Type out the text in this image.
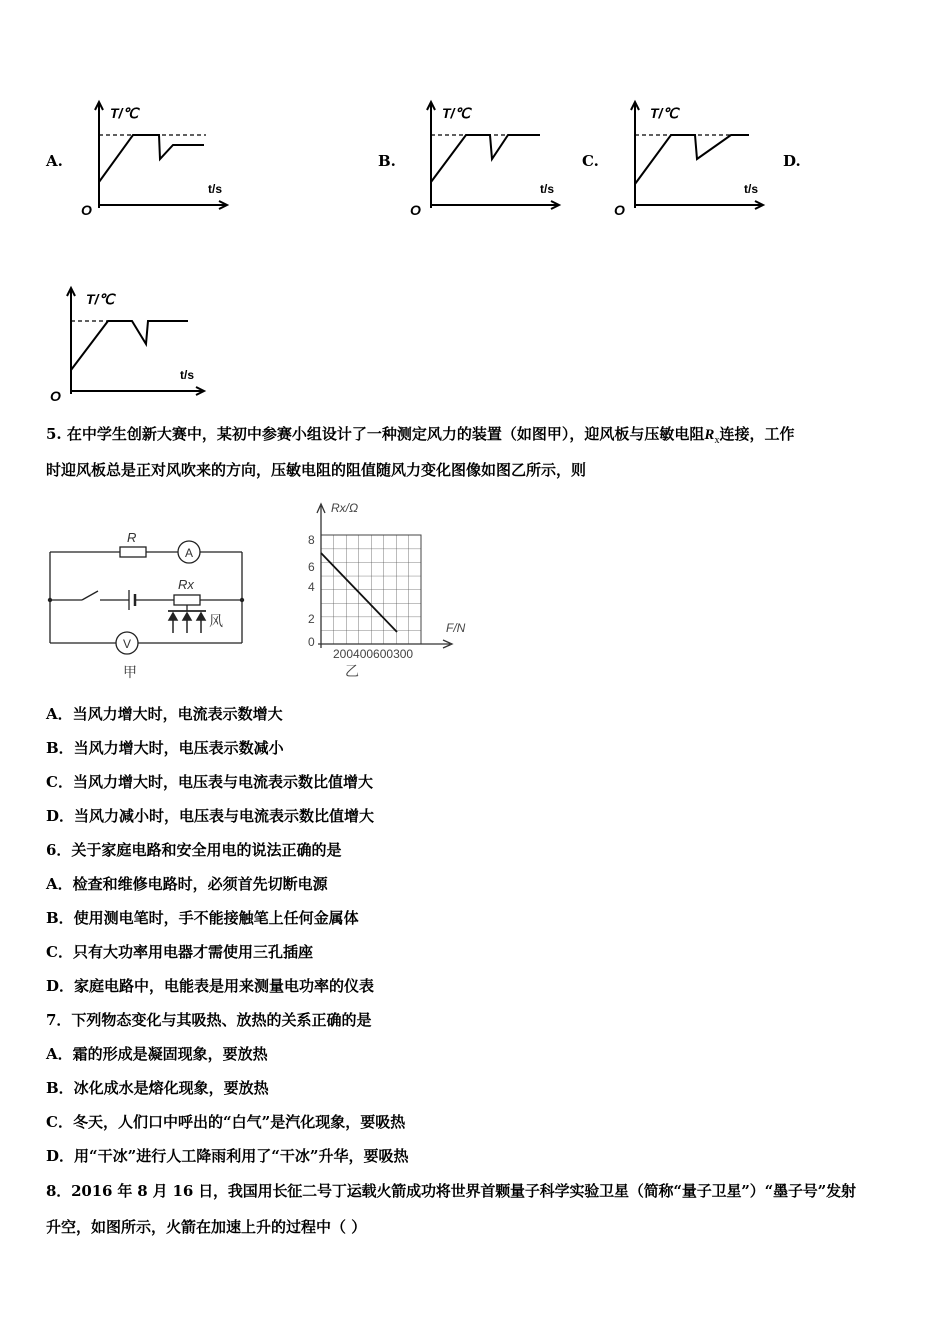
A.	B.	C.	D.
T/℃
t/s
O
T/℃
t/s
O
T/℃
t/s
O
T/℃
t/s
O
5. 在中学生创新大赛中，某初中参赛小组设计了一种测定风力的装置（如图甲），迎风板与压敏电阻$R_x$连接，工作
时迎风板总是正对风吹来的方向，压敏电阻的阻值随风力变化图像如图乙所示，则
R
Rx
A
V
风
甲
Rx/Ω
F/N
8
6
4
2
0
200400600300
乙
A．当风力增大时，电流表示数增大
B．当风力增大时，电压表示数减小
C．当风力增大时，电压表与电流表示数比值增大
D．当风力减小时，电压表与电流表示数比值增大
6．关于家庭电路和安全用电的说法正确的是
A．检查和维修电路时，必须首先切断电源
B．使用测电笔时，手不能接触笔上任何金属体
C．只有大功率用电器才需使用三孔插座
D．家庭电路中，电能表是用来测量电功率的仪表
7．下列物态变化与其吸热、放热的关系正确的是
A．霜的形成是凝固现象，要放热
B．冰化成水是熔化现象，要放热
C．冬天，人们口中呼出的“白气”是汽化现象，要吸热
D．用“干冰”进行人工降雨利用了“干冰”升华，要吸热
8．2016 年 8 月 16 日，我国用长征二号丁运载火箭成功将世界首颗量子科学实验卫星（简称“量子卫星”）“墨子号”发射
升空，如图所示，火箭在加速上升的过程中（ ）
